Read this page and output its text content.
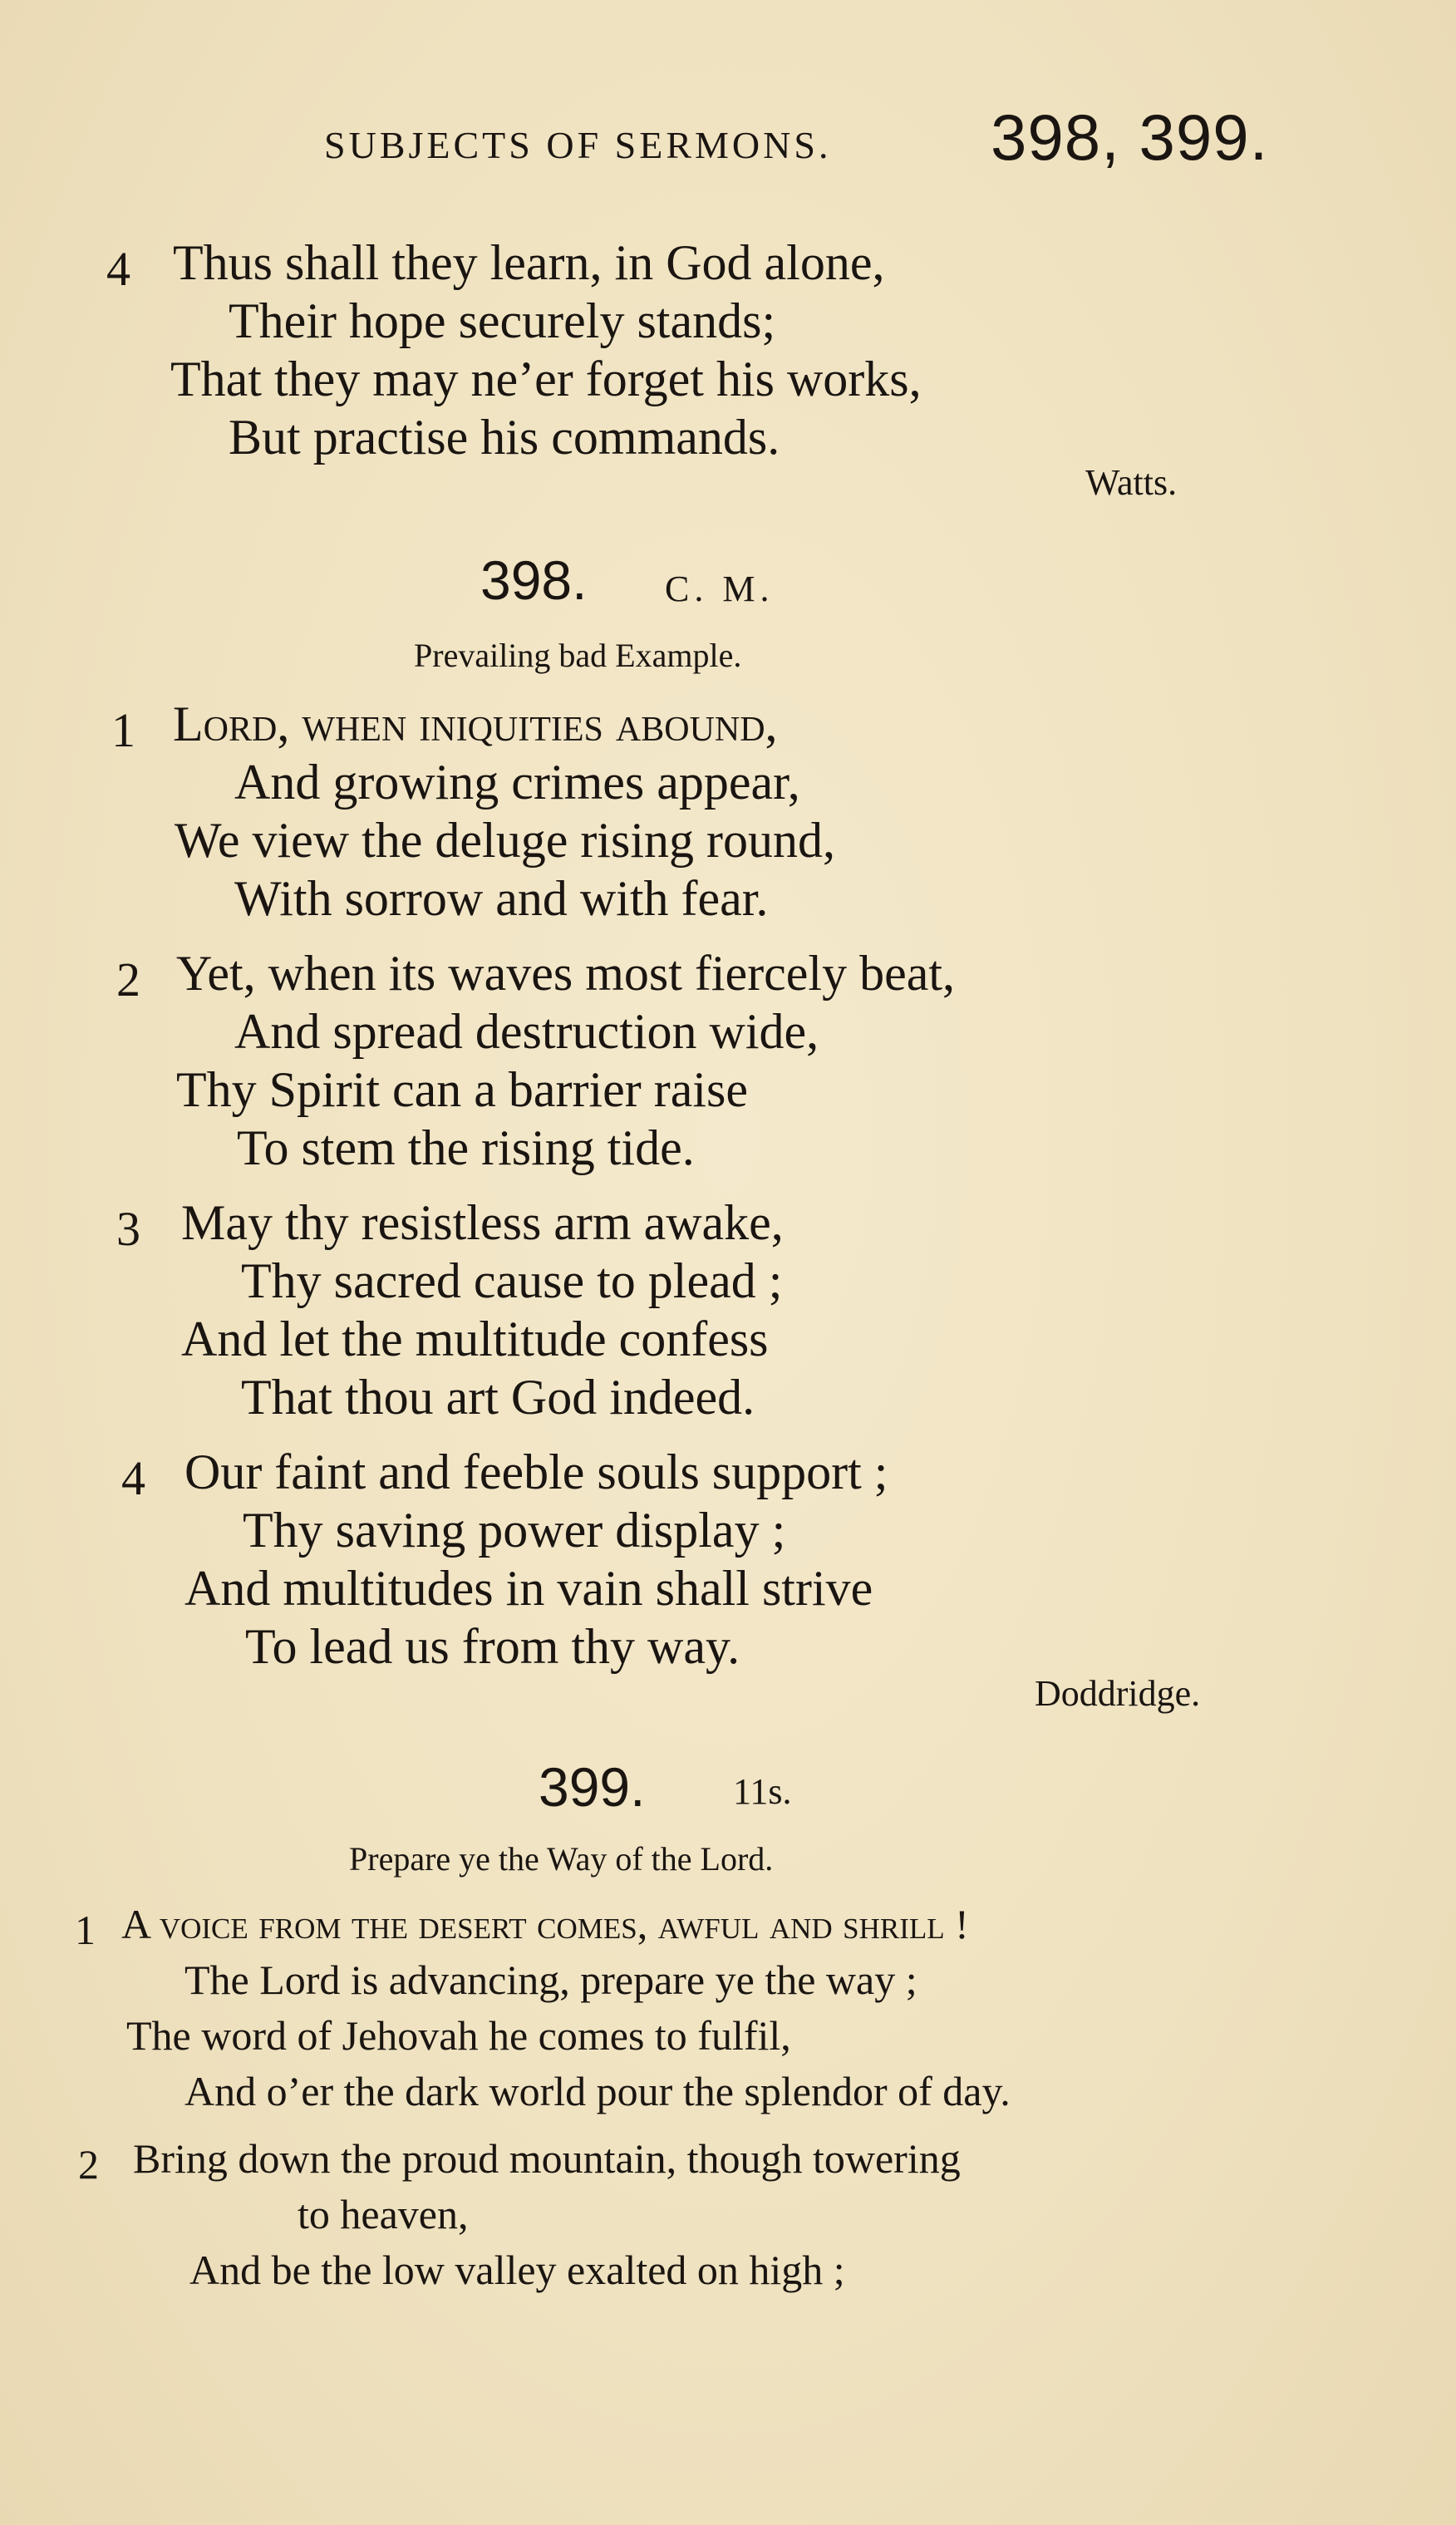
SUBJECTS OF SERMONS. 398, 399.
4 Thus shall they learn, in God alone,
Their hope securely stands;
That they may ne’er forget his works,
But practise his commands.
Watts.
398. C. M.
Prevailing bad Example.
1 Lord, when iniquities abound,
And growing crimes appear,
We view the deluge rising round,
With sorrow and with fear.
2 Yet, when its waves most fiercely beat,
And spread destruction wide,
Thy Spirit can a barrier raise
To stem the rising tide.
3 May thy resistless arm awake,
Thy sacred cause to plead ;
And let the multitude confess
That thou art God indeed.
4 Our faint and feeble souls support ;
Thy saving power display ;
And multitudes in vain shall strive
To lead us from thy way.
Doddridge.
399. 11s.
Prepare ye the Way of the Lord.
1 A voice from the desert comes, awful and shrill !
The Lord is advancing, prepare ye the way ;
The word of Jehovah he comes to fulfil,
And o’er the dark world pour the splendor of day.
2 Bring down the proud mountain, though towering
to heaven,
And be the low valley exalted on high ;
